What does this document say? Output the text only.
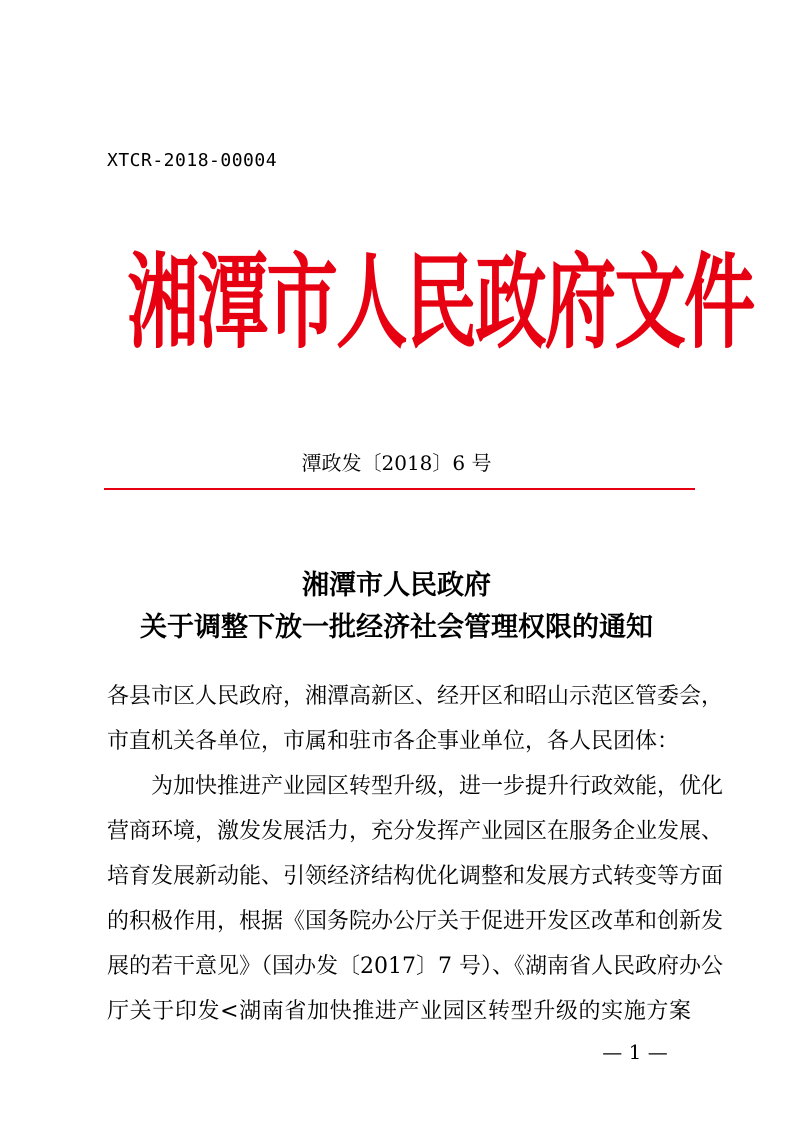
XTCR-2018-00004
湘潭市人民政府文件
潭政发〔2018〕6 号
湘潭市人民政府
关于调整下放一批经济社会管理权限的通知
各县市区人民政府，湘潭高新区、经开区和昭山示范区管委会，
市直机关各单位，市属和驻市各企事业单位，各人民团体：
为加快推进产业园区转型升级，进一步提升行政效能，优化
营商环境，激发发展活力，充分发挥产业园区在服务企业发展、
培育发展新动能、引领经济结构优化调整和发展方式转变等方面
的积极作用，根据《国务院办公厅关于促进开发区改革和创新发
展的若干意见》（国办发〔2017〕7 号）、《湖南省人民政府办公
厅关于印发<湖南省加快推进产业园区转型升级的实施方案
— 1 —
